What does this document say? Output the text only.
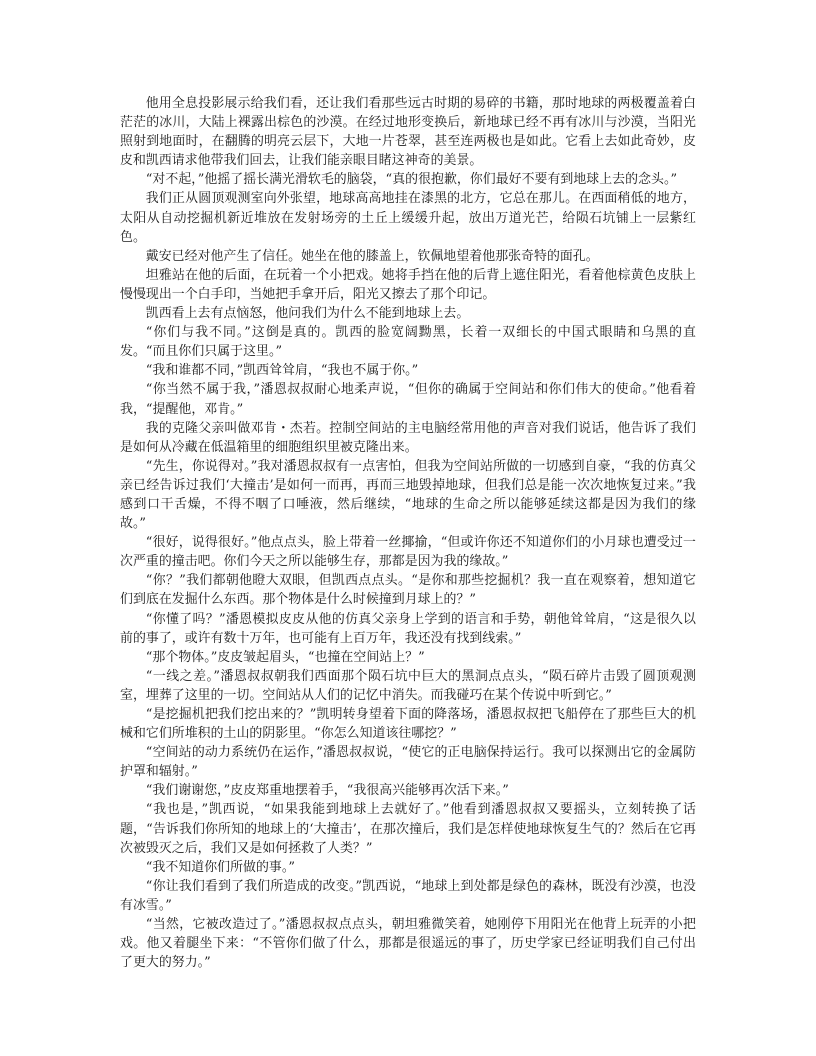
他用全息投影展示给我们看，还让我们看那些远古时期的易碎的书籍，那时地球的两极覆盖着白茫茫的冰川，大陆上裸露出棕色的沙漠。在经过地形变换后，新地球已经不再有冰川与沙漠，当阳光照射到地面时，在翻腾的明亮云层下，大地一片苍翠，甚至连两极也是如此。它看上去如此奇妙，皮皮和凯西请求他带我们回去，让我们能亲眼目睹这神奇的美景。

“对不起，”他摇了摇长满光滑软毛的脑袋，“真的很抱歉，你们最好不要有到地球上去的念头。”

我们正从圆顶观测室向外张望，地球高高地挂在漆黑的北方，它总在那儿。在西面稍低的地方，太阳从自动挖掘机新近堆放在发射场旁的土丘上缓缓升起，放出万道光芒，给陨石坑铺上一层紫红色。

戴安已经对他产生了信任。她坐在他的膝盖上，钦佩地望着他那张奇特的面孔。

坦雅站在他的后面，在玩着一个小把戏。她将手挡在他的后背上遮住阳光，看着他棕黄色皮肤上慢慢现出一个白手印，当她把手拿开后，阳光又擦去了那个印记。

凯西看上去有点恼怒，他问我们为什么不能到地球上去。

“你们与我不同。”这倒是真的。凯西的脸宽阔黝黑，长着一双细长的中国式眼睛和乌黑的直发。“而且你们只属于这里。”

“我和谁都不同，”凯西耸耸肩，“我也不属于你。”

“你当然不属于我，”潘恩叔叔耐心地柔声说，“但你的确属于空间站和你们伟大的使命。”他看着我，“提醒他，邓肯。”

我的克隆父亲叫做邓肯・杰若。控制空间站的主电脑经常用他的声音对我们说话，他告诉了我们是如何从冷藏在低温箱里的细胞组织里被克隆出来。

“先生，你说得对。”我对潘恩叔叔有一点害怕，但我为空间站所做的一切感到自豪，“我的仿真父亲已经告诉过我们‘大撞击’是如何一而再，再而三地毁掉地球，但我们总是能一次次地恢复过来。”我感到口干舌燥，不得不咽了口唾液，然后继续，“地球的生命之所以能够延续这都是因为我们的缘故。”

“很好，说得很好。”他点点头，脸上带着一丝揶揄，“但或许你还不知道你们的小月球也遭受过一次严重的撞击吧。你们今天之所以能够生存，那都是因为我的缘故。”

“你？”我们都朝他瞪大双眼，但凯西点点头。“是你和那些挖掘机？我一直在观察着，想知道它们到底在发掘什么东西。那个物体是什么时候撞到月球上的？”

“你懂了吗？”潘恩模拟皮皮从他的仿真父亲身上学到的语言和手势，朝他耸耸肩，“这是很久以前的事了，或许有数十万年，也可能有上百万年，我还没有找到线索。”

“那个物体。”皮皮皱起眉头，“也撞在空间站上？”

“一线之差。”潘恩叔叔朝我们西面那个陨石坑中巨大的黑洞点点头，“陨石碎片击毁了圆顶观测室，埋葬了这里的一切。空间站从人们的记忆中消失。而我碰巧在某个传说中听到它。”

“是挖掘机把我们挖出来的？”凯明转身望着下面的降落场，潘恩叔叔把飞船停在了那些巨大的机械和它们所堆积的土山的阴影里。“你怎么知道该往哪挖？”

“空间站的动力系统仍在运作，”潘恩叔叔说，“使它的正电脑保持运行。我可以探测出它的金属防护罩和辐射。”

“我们谢谢您，”皮皮郑重地摆着手，“我很高兴能够再次活下来。”

“我也是，”凯西说，“如果我能到地球上去就好了。”他看到潘恩叔叔又要摇头，立刻转换了话题，“告诉我们你所知的地球上的‘大撞击’，在那次撞后，我们是怎样使地球恢复生气的？然后在它再次被毁灭之后，我们又是如何拯救了人类？”

“我不知道你们所做的事。”

“你让我们看到了我们所造成的改变。”凯西说，“地球上到处都是绿色的森林，既没有沙漠，也没有冰雪。”

“当然，它被改造过了。”潘恩叔叔点点头，朝坦雅微笑着，她刚停下用阳光在他背上玩弄的小把戏。他又着腿坐下来：“不管你们做了什么，那都是很遥远的事了，历史学家已经证明我们自己付出了更大的努力。”
